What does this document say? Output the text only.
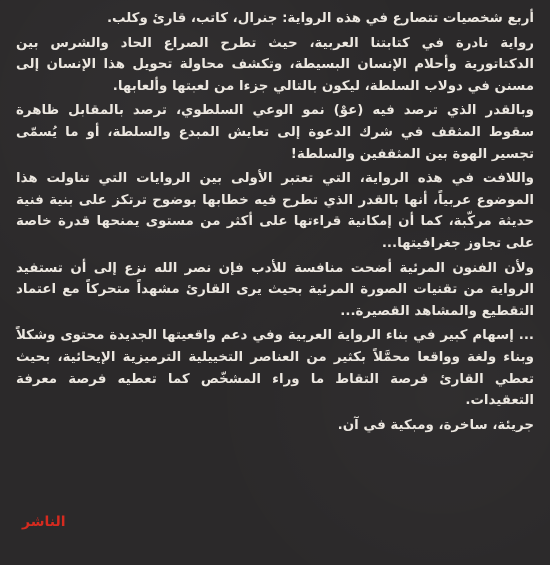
أربع شخصيات تتصارع في هذه الرواية: جنرال، كاتب، قارئ وكلب.

رواية نادرة في كتابتنا العربية، حيث تطرح الصراع الحاد والشرس بين الدكتاتورية وأحلام الإنسان البسيطة، وتكشف محاولة تحويل هذا الإنسان إلى مسنن في دولاب السلطة، ليكون بالتالي جزءا من لعبتها وألعابها.

وبالقدر الذي ترصد فيه (عوْ) نمو الوعي السلطوي، ترصد بالمقابل ظاهرة سقوط المثقف في شرك الدعوة إلى تعايش المبدع والسلطة، أو ما يُسمّى تجسير الهوة بين المثقفين والسلطة!

واللافت في هذه الرواية، التي تعتبر الأولى بين الروايات التي تناولت هذا الموضوع عربياً، أنها بالقدر الذي تطرح فيه خطابها بوضوح ترتكز على بنية فنية حديثة مركّبة، كما أن إمكانية قراءتها على أكثر من مستوى يمنحها قدرة خاصة على تجاوز جغرافيتها...

ولأن الفنون المرئية أضحت منافسة للأدب فإن نصر الله نزع إلى أن تستفيد الرواية من تقنيات الصورة المرئية بحيث يرى القارئ مشهداً متحركاً مع اعتماد التقطيع والمشاهد القصيرة...

... إسهام كبير في بناء الرواية العربية وفي دعم واقعيتها الجديدة محتوى وشكلاً وبناء ولغة وواقعا محمَّلاً بكثير من العناصر التخييلية الترميزية الإيحائية، بحيث تعطي القارئ فرصة التقاط ما وراء المشخّص كما تعطيه فرصة معرفة التعقيدات.

جريئة، ساخرة، ومبكية في آن.

الناشر
